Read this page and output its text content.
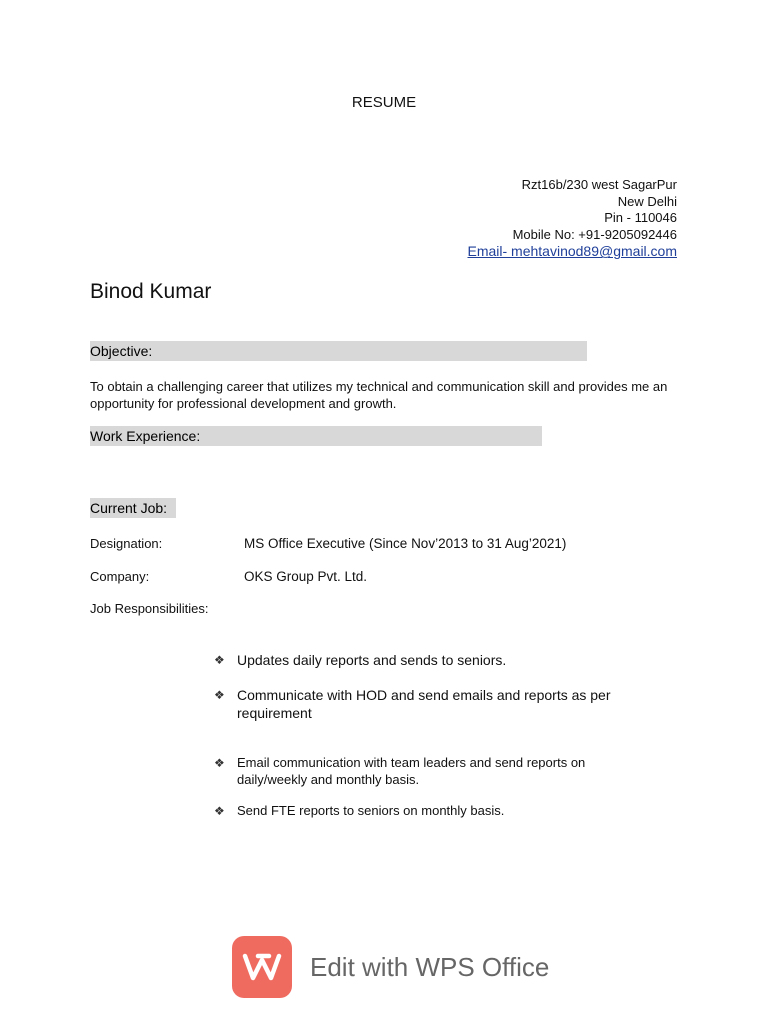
RESUME
Rzt16b/230 west SagarPur
New Delhi
Pin - 110046
Mobile No: +91-9205092446
Email- mehtavinod89@gmail.com
Binod Kumar
Objective:
To obtain a challenging career that utilizes my technical and communication skill and provides me an opportunity for professional development and growth.
Work Experience:
Current Job:
Designation:	MS Office Executive (Since Nov’2013 to 31 Aug’2021)
Company:	OKS Group Pvt. Ltd.
Job Responsibilities:
❖ Updates daily reports and sends to seniors.
❖ Communicate with HOD and send emails and reports as per requirement
❖ Email communication with team leaders and send reports on daily/weekly and monthly basis.
❖ Send FTE reports to seniors on monthly basis.
Edit with WPS Office
